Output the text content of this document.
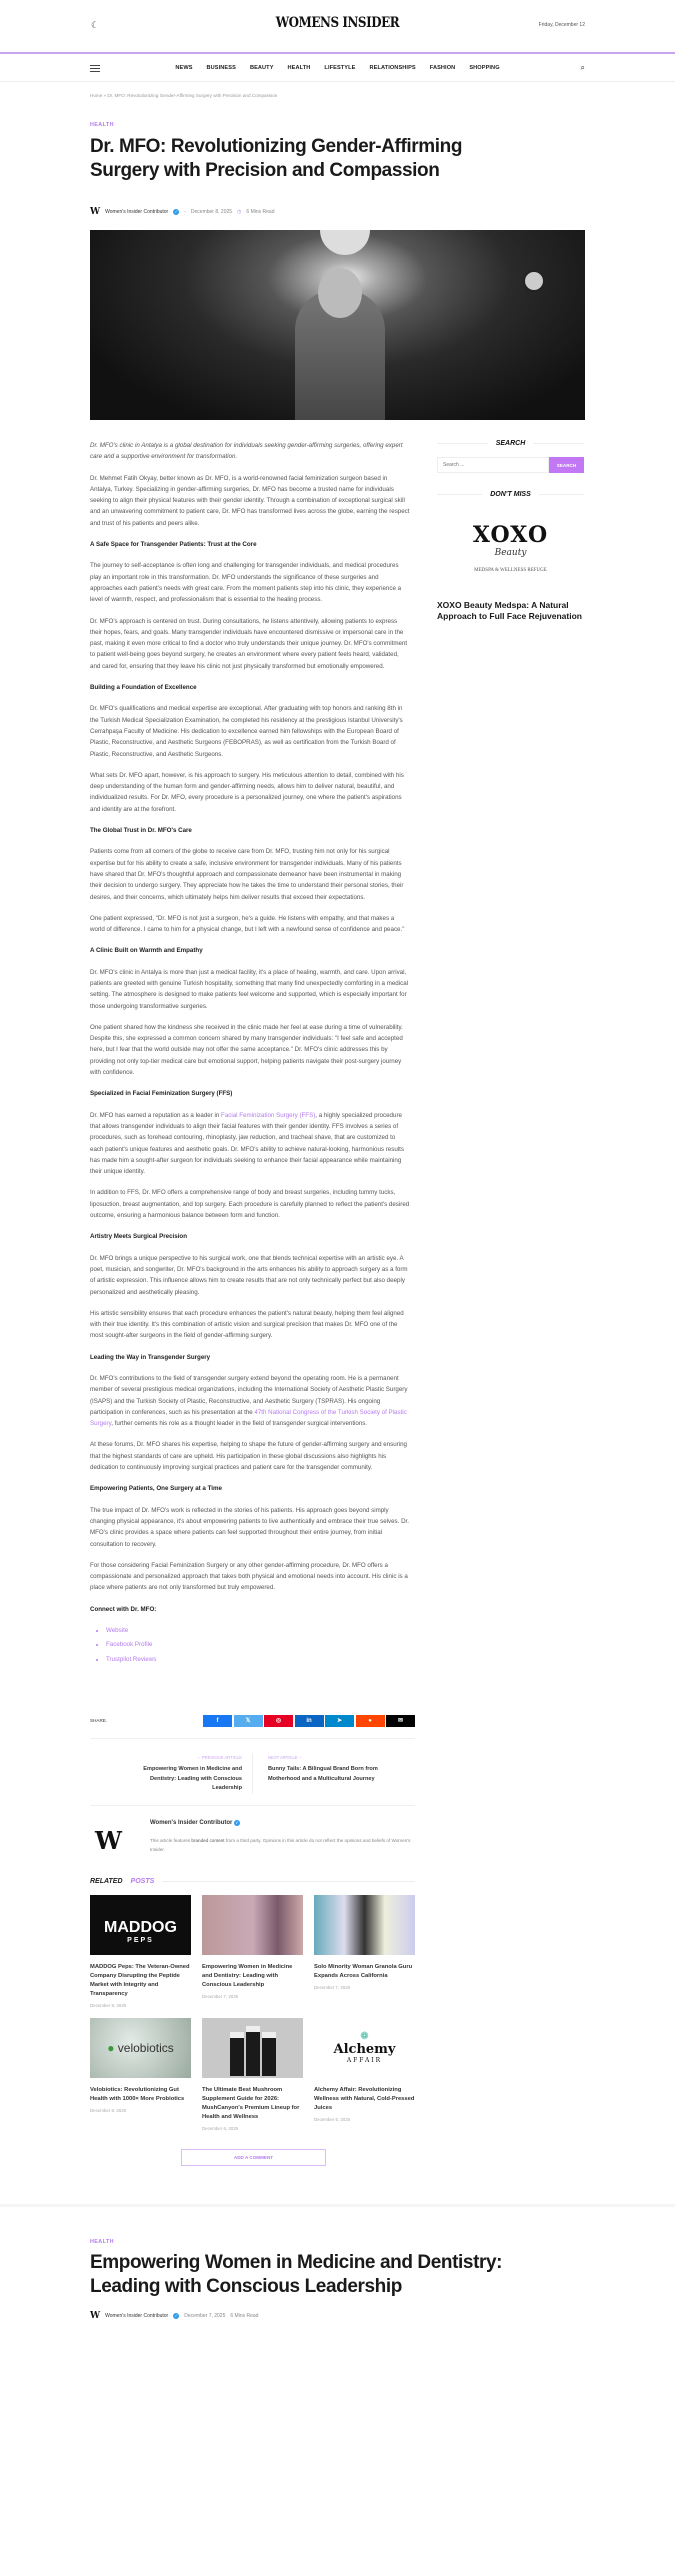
☾	WOMENS INSIDER	Friday, December 12
NEWS	BUSINESS	BEAUTY	HEALTH	LIFESTYLE	RELATIONSHIPS	FASHION	SHOPPING	⌕
Home » Dr. MFO: Revolutionizing Gender-Affirming Surgery with Precision and Compassion
HEALTH
Dr. MFO: Revolutionizing Gender-Affirming Surgery with Precision and Compassion
W Women's Insider Contributor	✓ - December 8, 2025 ◷ 6 Mins Read

Dr. MFO's clinic in Antalya is a global destination for individuals seeking gender-affirming surgeries, offering expert care and a supportive environment for transformation.

Dr. Mehmet Fatih Okyay, better known as Dr. MFO, is a world-renowned facial feminization surgeon based in Antalya, Turkey. Specializing in gender-affirming surgeries, Dr. MFO has become a trusted name for individuals seeking to align their physical features with their gender identity. Through a combination of exceptional surgical skill and an unwavering commitment to patient care, Dr. MFO has transformed lives across the globe, earning the respect and trust of his patients and peers alike.

A Safe Space for Transgender Patients: Trust at the Core

The journey to self-acceptance is often long and challenging for transgender individuals, and medical procedures play an important role in this transformation. Dr. MFO understands the significance of these surgeries and approaches each patient's needs with great care. From the moment patients step into his clinic, they experience a level of warmth, respect, and professionalism that is essential to the healing process.

Dr. MFO's approach is centered on trust. During consultations, he listens attentively, allowing patients to express their hopes, fears, and goals. Many transgender individuals have encountered dismissive or impersonal care in the past, making it even more critical to find a doctor who truly understands their unique journey. Dr. MFO's commitment to patient well-being goes beyond surgery, he creates an environment where every patient feels heard, validated, and cared for, ensuring that they leave his clinic not just physically transformed but emotionally empowered.

Building a Foundation of Excellence

Dr. MFO's qualifications and medical expertise are exceptional. After graduating with top honors and ranking 8th in the Turkish Medical Specialization Examination, he completed his residency at the prestigious Istanbul University's Cerrahpaşa Faculty of Medicine. His dedication to excellence earned him fellowships with the European Board of Plastic, Reconstructive, and Aesthetic Surgeons (FEBOPRAS), as well as certification from the Turkish Board of Plastic, Reconstructive, and Aesthetic Surgeons.

What sets Dr. MFO apart, however, is his approach to surgery. His meticulous attention to detail, combined with his deep understanding of the human form and gender-affirming needs, allows him to deliver natural, beautiful, and individualized results. For Dr. MFO, every procedure is a personalized journey, one where the patient's aspirations and identity are at the forefront.

The Global Trust in Dr. MFO's Care

Patients come from all corners of the globe to receive care from Dr. MFO, trusting him not only for his surgical expertise but for his ability to create a safe, inclusive environment for transgender individuals. Many of his patients have shared that Dr. MFO's thoughtful approach and compassionate demeanor have been instrumental in making their decision to undergo surgery. They appreciate how he takes the time to understand their personal stories, their desires, and their concerns, which ultimately helps him deliver results that exceed their expectations.

One patient expressed, "Dr. MFO is not just a surgeon, he's a guide. He listens with empathy, and that makes a world of difference. I came to him for a physical change, but I left with a newfound sense of confidence and peace."

A Clinic Built on Warmth and Empathy

Dr. MFO's clinic in Antalya is more than just a medical facility, it's a place of healing, warmth, and care. Upon arrival, patients are greeted with genuine Turkish hospitality, something that many find unexpectedly comforting in a medical setting. The atmosphere is designed to make patients feel welcome and supported, which is especially important for those undergoing transformative surgeries.

One patient shared how the kindness she received in the clinic made her feel at ease during a time of vulnerability. Despite this, she expressed a common concern shared by many transgender individuals: "I feel safe and accepted here, but I fear that the world outside may not offer the same acceptance." Dr. MFO's clinic addresses this by providing not only top-tier medical care but emotional support, helping patients navigate their post-surgery journey with confidence.

Specialized in Facial Feminization Surgery (FFS)

Dr. MFO has earned a reputation as a leader in Facial Feminization Surgery (FFS), a highly specialized procedure that allows transgender individuals to align their facial features with their gender identity. FFS involves a series of procedures, such as forehead contouring, rhinoplasty, jaw reduction, and tracheal shave, that are customized to each patient's unique features and aesthetic goals. Dr. MFO's ability to achieve natural-looking, harmonious results has made him a sought-after surgeon for individuals seeking to enhance their facial appearance while maintaining their unique identity.

In addition to FFS, Dr. MFO offers a comprehensive range of body and breast surgeries, including tummy tucks, liposuction, breast augmentation, and top surgery. Each procedure is carefully planned to reflect the patient's desired outcome, ensuring a harmonious balance between form and function.

Artistry Meets Surgical Precision

Dr. MFO brings a unique perspective to his surgical work, one that blends technical expertise with an artistic eye. A poet, musician, and songwriter, Dr. MFO's background in the arts enhances his ability to approach surgery as a form of artistic expression. This influence allows him to create results that are not only technically perfect but also deeply personalized and aesthetically pleasing.

His artistic sensibility ensures that each procedure enhances the patient's natural beauty, helping them feel aligned with their true identity. It's this combination of artistic vision and surgical precision that makes Dr. MFO one of the most sought-after surgeons in the field of gender-affirming surgery.

Leading the Way in Transgender Surgery

Dr. MFO's contributions to the field of transgender surgery extend beyond the operating room. He is a permanent member of several prestigious medical organizations, including the International Society of Aesthetic Plastic Surgery (ISAPS) and the Turkish Society of Plastic, Reconstructive, and Aesthetic Surgery (TSPRAS). His ongoing participation in conferences, such as his presentation at the 47th National Congress of the Turkish Society of Plastic Surgery, further cements his role as a thought leader in the field of transgender surgical interventions.

At these forums, Dr. MFO shares his expertise, helping to shape the future of gender-affirming surgery and ensuring that the highest standards of care are upheld. His participation in these global discussions also highlights his dedication to continuously improving surgical practices and patient care for the transgender community.

Empowering Patients, One Surgery at a Time

The true impact of Dr. MFO's work is reflected in the stories of his patients. His approach goes beyond simply changing physical appearance, it's about empowering patients to live authentically and embrace their true selves. Dr. MFO's clinic provides a space where patients can feel supported throughout their entire journey, from initial consultation to recovery.

For those considering Facial Feminization Surgery or any other gender-affirming procedure, Dr. MFO offers a compassionate and personalized approach that takes both physical and emotional needs into account. His clinic is a place where patients are not only transformed but truly empowered.

Connect with Dr. MFO:
• Website
• Facebook Profile
• Trustpilot Reviews
SHARE.	f	𝕏	◎	in	➤	●	✉
‹  PREVIOUS ARTICLE
Empowering Women in Medicine and Dentistry: Leading with Conscious Leadership
NEXT ARTICLE  ›
Bunny Tails: A Bilingual Brand Born from Motherhood and a Multicultural Journey
W
Women's Insider Contributor ✓
This article features branded content from a third party. Opinions in this article do not reflect the opinions and beliefs of Women's Insider.
RELATED POSTS
MADDOG
PEPS
MADDOG Peps: The Veteran-Owned Company Disrupting the Peptide Market with Integrity and Transparency
December 9, 2025
Empowering Women in Medicine and Dentistry: Leading with Conscious Leadership
December 7, 2025
Solo Minority Woman Granola Guru Expands Across California
December 7, 2025
● velobiotics
Velobiotics: Revolutionizing Gut Health with 1000× More Probiotics
December 6, 2025
The Ultimate Best Mushroom Supplement Guide for 2026: MushCanyon's Premium Lineup for Health and Wellness
December 6, 2025
❁
Alchemy
AFFAIR
Alchemy Affair: Revolutionizing Wellness with Natural, Cold-Pressed Juices
December 6, 2025
ADD A COMMENT
HEALTH
Empowering Women in Medicine and Dentistry: Leading with Conscious Leadership
W Women's Insider Contributor	✓ December 7, 2025 6 Mins Read
SEARCH
Search ...
SEARCH
DON'T MISS
XOXO
Beauty
MEDSPA & WELLNESS REFUGE
XOXO Beauty Medspa: A Natural Approach to Full Face Rejuvenation
